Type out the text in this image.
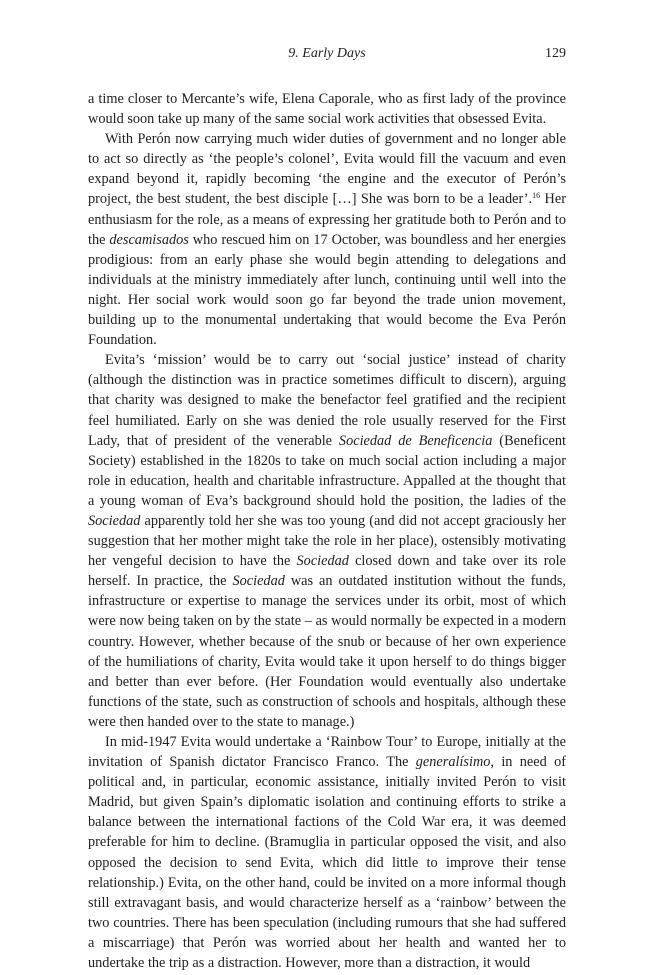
9. Early Days	129

a time closer to Mercante’s wife, Elena Caporale, who as first lady of the province would soon take up many of the same social work activities that obsessed Evita.

With Perón now carrying much wider duties of government and no longer able to act so directly as ‘the people’s colonel’, Evita would fill the vacuum and even expand beyond it, rapidly becoming ‘the engine and the executor of Perón’s project, the best student, the best disciple […] She was born to be a leader’.$^{16}$ Her enthusiasm for the role, as a means of expressing her gratitude both to Perón and to the descamisados who rescued him on 17 October, was boundless and her energies prodigious: from an early phase she would begin attending to delegations and individuals at the ministry immediately after lunch, continuing until well into the night. Her social work would soon go far beyond the trade union movement, building up to the monumental undertaking that would become the Eva Perón Foundation.

Evita’s ‘mission’ would be to carry out ‘social justice’ instead of charity (although the distinction was in practice sometimes difficult to discern), arguing that charity was designed to make the benefactor feel gratified and the recipient feel humiliated. Early on she was denied the role usually reserved for the First Lady, that of president of the venerable Sociedad de Beneficencia (Beneficent Society) established in the 1820s to take on much social action including a major role in education, health and charitable infrastructure. Appalled at the thought that a young woman of Eva’s background should hold the position, the ladies of the Sociedad apparently told her she was too young (and did not accept graciously her suggestion that her mother might take the role in her place), ostensibly motivating her vengeful decision to have the Sociedad closed down and take over its role herself. In practice, the Sociedad was an outdated institution without the funds, infrastructure or expertise to manage the services under its orbit, most of which were now being taken on by the state – as would normally be expected in a modern country. However, whether because of the snub or because of her own experience of the humiliations of charity, Evita would take it upon herself to do things bigger and better than ever before. (Her Foundation would eventually also undertake functions of the state, such as construction of schools and hospitals, although these were then handed over to the state to manage.)

In mid-1947 Evita would undertake a ‘Rainbow Tour’ to Europe, initially at the invitation of Spanish dictator Francisco Franco. The generalísimo, in need of political and, in particular, economic assistance, initially invited Perón to visit Madrid, but given Spain’s diplomatic isolation and continuing efforts to strike a balance between the international factions of the Cold War era, it was deemed preferable for him to decline. (Bramuglia in particular opposed the visit, and also opposed the decision to send Evita, which did little to improve their tense relationship.) Evita, on the other hand, could be invited on a more informal though still extravagant basis, and would characterize herself as a ‘rainbow’ between the two countries. There has been speculation (including rumours that she had suffered a miscarriage) that Perón was worried about her health and wanted her to undertake the trip as a distraction. However, more than a distraction, it would
